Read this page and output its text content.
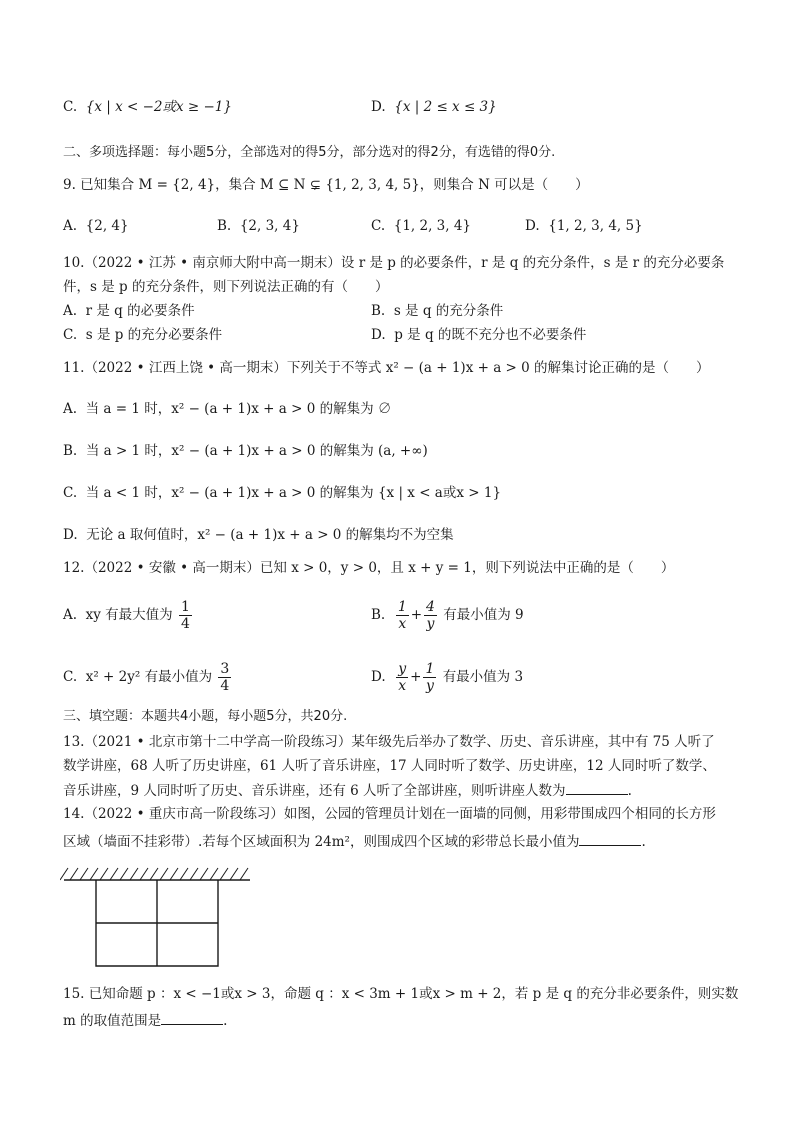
C. {x | x < −2或x ≥ −1}	D. {x | 2 ≤ x ≤ 3}
二、多项选择题：每小题5分，全部选对的得5分，部分选对的得2分，有选错的得0分.
9. 已知集合 M = {2, 4}，集合 M ⊆ N ⊊ {1, 2, 3, 4, 5}，则集合 N 可以是（　　）
A. {2, 4}	B. {2, 3, 4}	C. {1, 2, 3, 4}	D. {1, 2, 3, 4, 5}
10.（2022 • 江苏 • 南京师大附中高一期末）设 r 是 p 的必要条件，r 是 q 的充分条件，s 是 r 的充分必要条
件，s 是 p 的充分条件，则下列说法正确的有（　　）
A. r 是 q 的必要条件	B. s 是 q 的充分条件
C. s 是 p 的充分必要条件	D. p 是 q 的既不充分也不必要条件
11.（2022 • 江西上饶 • 高一期末）下列关于不等式 x² − (a + 1)x + a > 0 的解集讨论正确的是（　　）
A. 当 a = 1 时，x² − (a + 1)x + a > 0 的解集为 ∅
B. 当 a > 1 时，x² − (a + 1)x + a > 0 的解集为 (a, +∞)
C. 当 a < 1 时，x² − (a + 1)x + a > 0 的解集为 {x | x < a或x > 1}
D. 无论 a 取何值时，x² − (a + 1)x + a > 0 的解集均不为空集
12.（2022 • 安徽 • 高一期末）已知 x > 0，y > 0，且 x + y = 1，则下列说法中正确的是（　　）
A. xy 有最大值为 $\frac{1}{4}$	B. $\frac{1}{x} + \frac{4}{y}$ 有最小值为 9
C. x² + 2y² 有最小值为 $\frac{3}{4}$	D. $\frac{y}{x} + \frac{1}{y}$ 有最小值为 3
三、填空题：本题共4小题，每小题5分，共20分.
13.（2021 • 北京市第十二中学高一阶段练习）某年级先后举办了数学、历史、音乐讲座，其中有 75 人听了
数学讲座，68 人听了历史讲座，61 人听了音乐讲座，17 人同时听了数学、历史讲座，12 人同时听了数学、
音乐讲座，9 人同时听了历史、音乐讲座，还有 6 人听了全部讲座，则听讲座人数为	.
14.（2022 • 重庆市高一阶段练习）如图，公园的管理员计划在一面墙的同侧，用彩带围成四个相同的长方形
区域（墙面不挂彩带）.若每个区域面积为 24m²，则围成四个区域的彩带总长最小值为	.
15. 已知命题 p ：x < −1或x > 3，命题 q ：x < 3m + 1或x > m + 2，若 p 是 q 的充分非必要条件，则实数
m 的取值范围是	.
